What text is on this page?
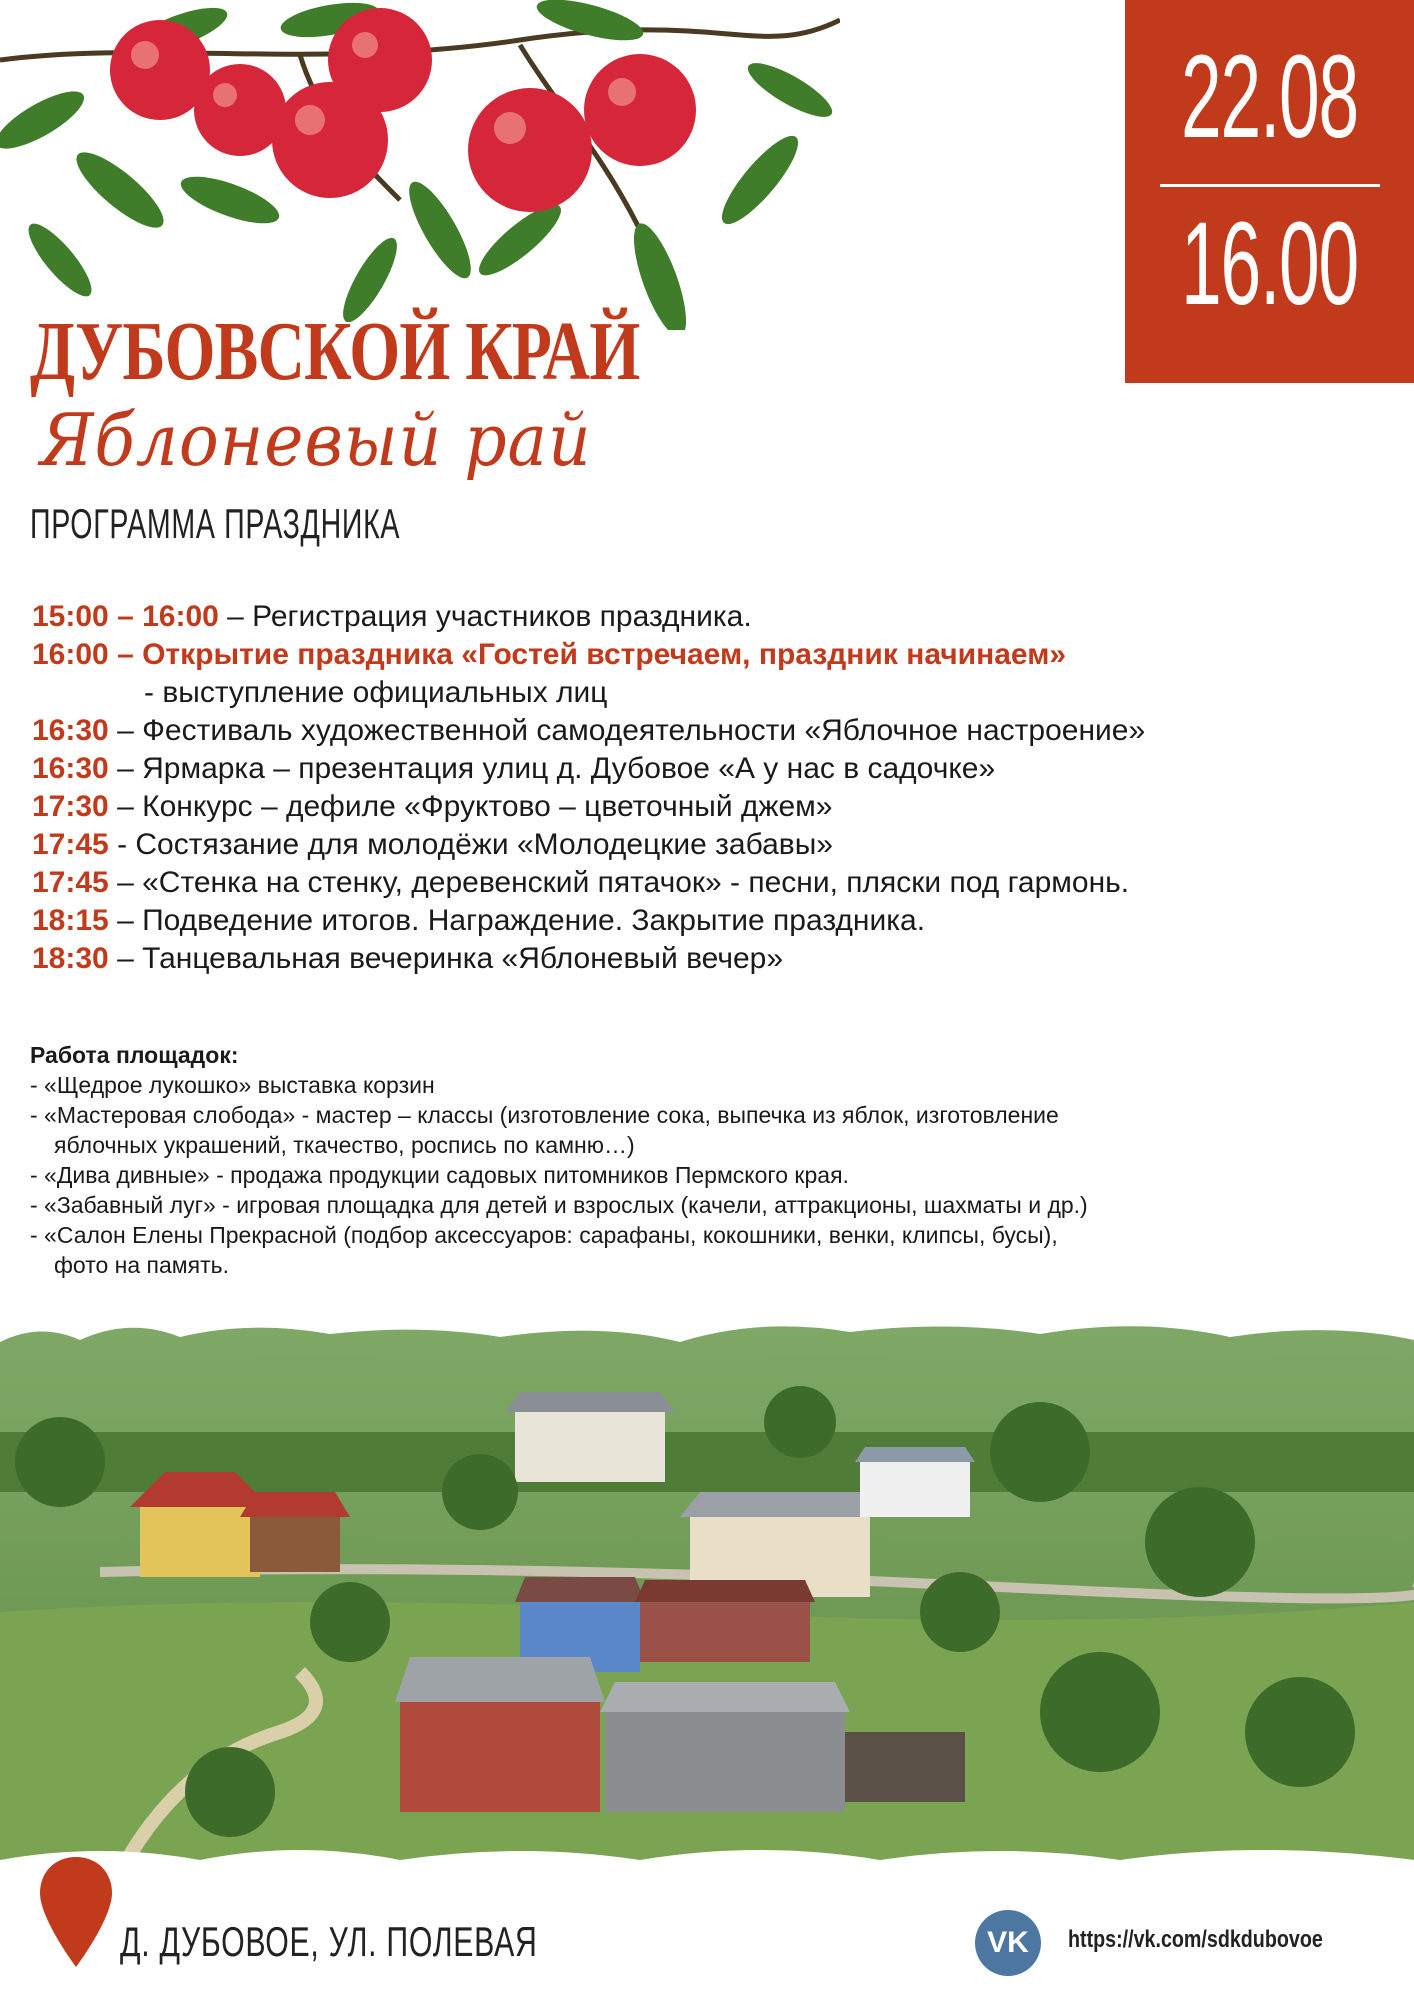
22.08
16.00
ДУБОВСКОЙ КРАЙ
Яблоневый рай
ПРОГРАММА ПРАЗДНИКА
15:00 – 16:00 – Регистрация участников праздника.
16:00 – Открытие праздника «Гостей встречаем, праздник начинаем»
- выступление официальных лиц
16:30 – Фестиваль художественной самодеятельности «Яблочное настроение»
16:30 – Ярмарка – презентация улиц д. Дубовое «А у нас в садочке»
17:30 – Конкурс – дефиле «Фруктово – цветочный джем»
17:45 - Состязание для молодёжи «Молодецкие забавы»
17:45 – «Стенка на стенку, деревенский пятачок» - песни, пляски под гармонь.
18:15 – Подведение итогов. Награждение. Закрытие праздника.
18:30 – Танцевальная вечеринка «Яблоневый вечер»
Работа площадок:
- «Щедрое лукошко» выставка корзин
- «Мастеровая слобода» - мастер – классы (изготовление сока, выпечка из яблок, изготовление
яблочных украшений, ткачество, роспись по камню…)
- «Дива дивные» - продажа продукции садовых питомников Пермского края.
- «Забавный луг» - игровая площадка для детей и взрослых (качели, аттракционы, шахматы и др.)
- «Салон Елены Прекрасной (подбор аксессуаров: сарафаны, кокошники, венки, клипсы, бусы),
фото на память.
Д. ДУБОВОЕ, УЛ. ПОЛЕВАЯ	VK	https://vk.com/sdkdubovoe
